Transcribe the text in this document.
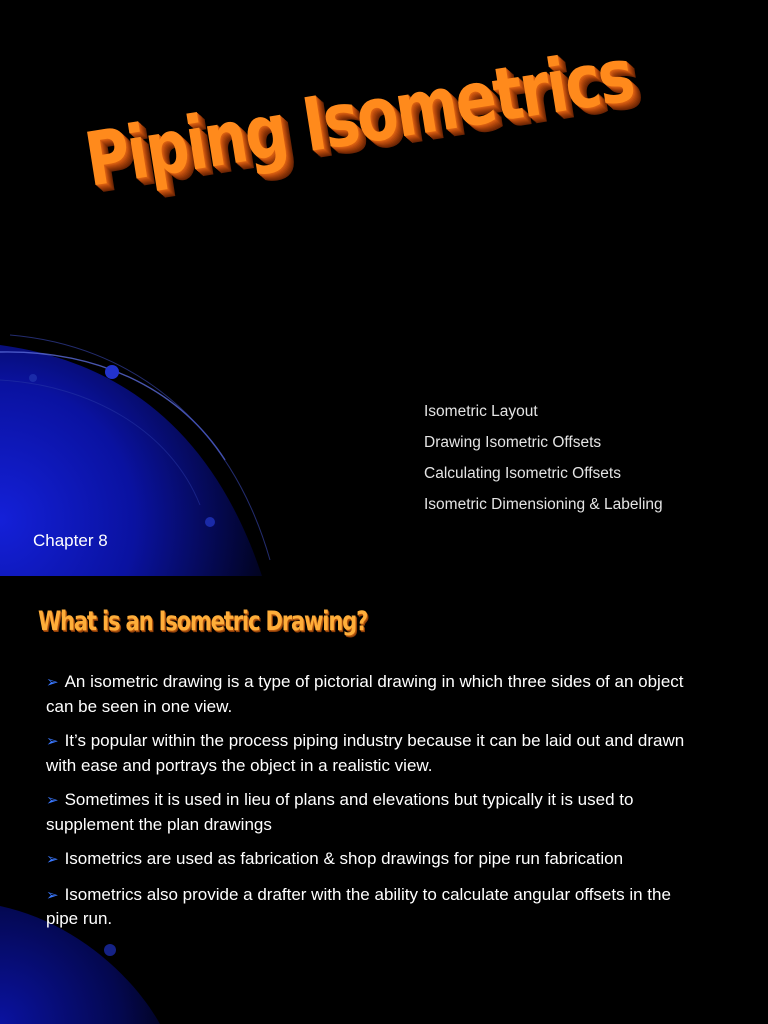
Piping Isometrics
Isometric Layout
Drawing Isometric Offsets
Calculating Isometric Offsets
Isometric Dimensioning & Labeling
Chapter 8
What is an Isometric Drawing?
➢ An isometric drawing is a type of pictorial drawing in which three sides of an object can be seen in one view.
➢ It’s popular within the process piping industry because it can be laid out and drawn with ease and portrays the object in a realistic view.
➢ Sometimes it is used in lieu of plans and elevations but typically it is used to supplement the plan drawings
➢ Isometrics are used as fabrication & shop drawings for pipe run fabrication
➢ Isometrics also provide a drafter with the ability to calculate angular offsets in the pipe run.
